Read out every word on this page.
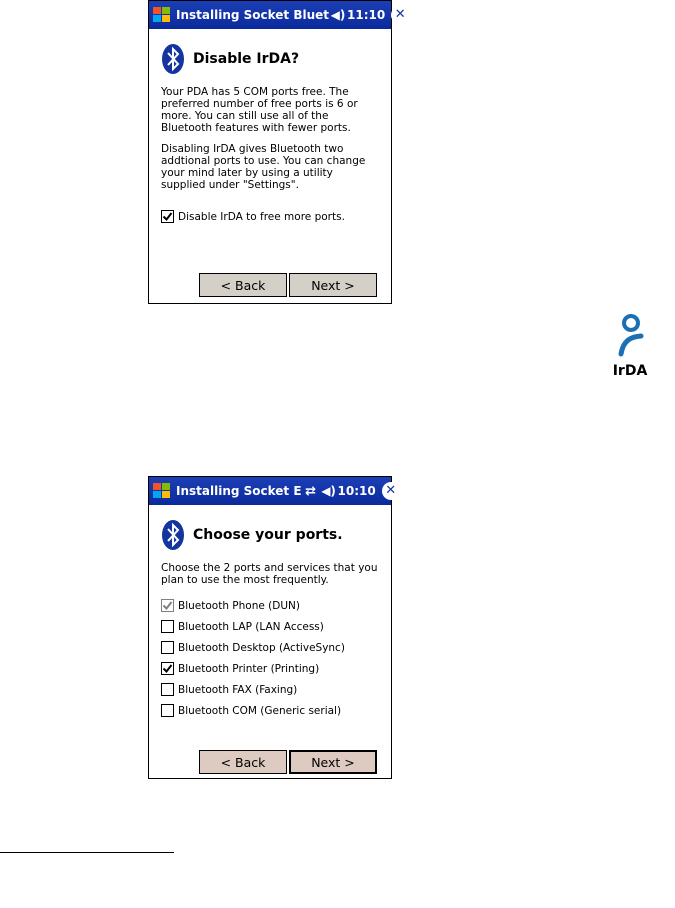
Installing Socket Bluet ◀︎) 11:10 ✕
Disable IrDA?

Your PDA has 5 COM ports free. The preferred number of free ports is 6 or more. You can still use all of the Bluetooth features with fewer ports.

Disabling IrDA gives Bluetooth two addtional ports to use. You can change your mind later by using a utility supplied under "Settings".

Disable IrDA to free more ports.
< Back	Next >
IrDA
Installing Socket E ⇄ ◀︎) 10:10 ✕
Choose your ports.

Choose the 2 ports and services that you plan to use the most frequently.

Bluetooth Phone (DUN)
Bluetooth LAP (LAN Access)
Bluetooth Desktop (ActiveSync)
Bluetooth Printer (Printing)
Bluetooth FAX (Faxing)
Bluetooth COM (Generic serial)
< Back	Next >
